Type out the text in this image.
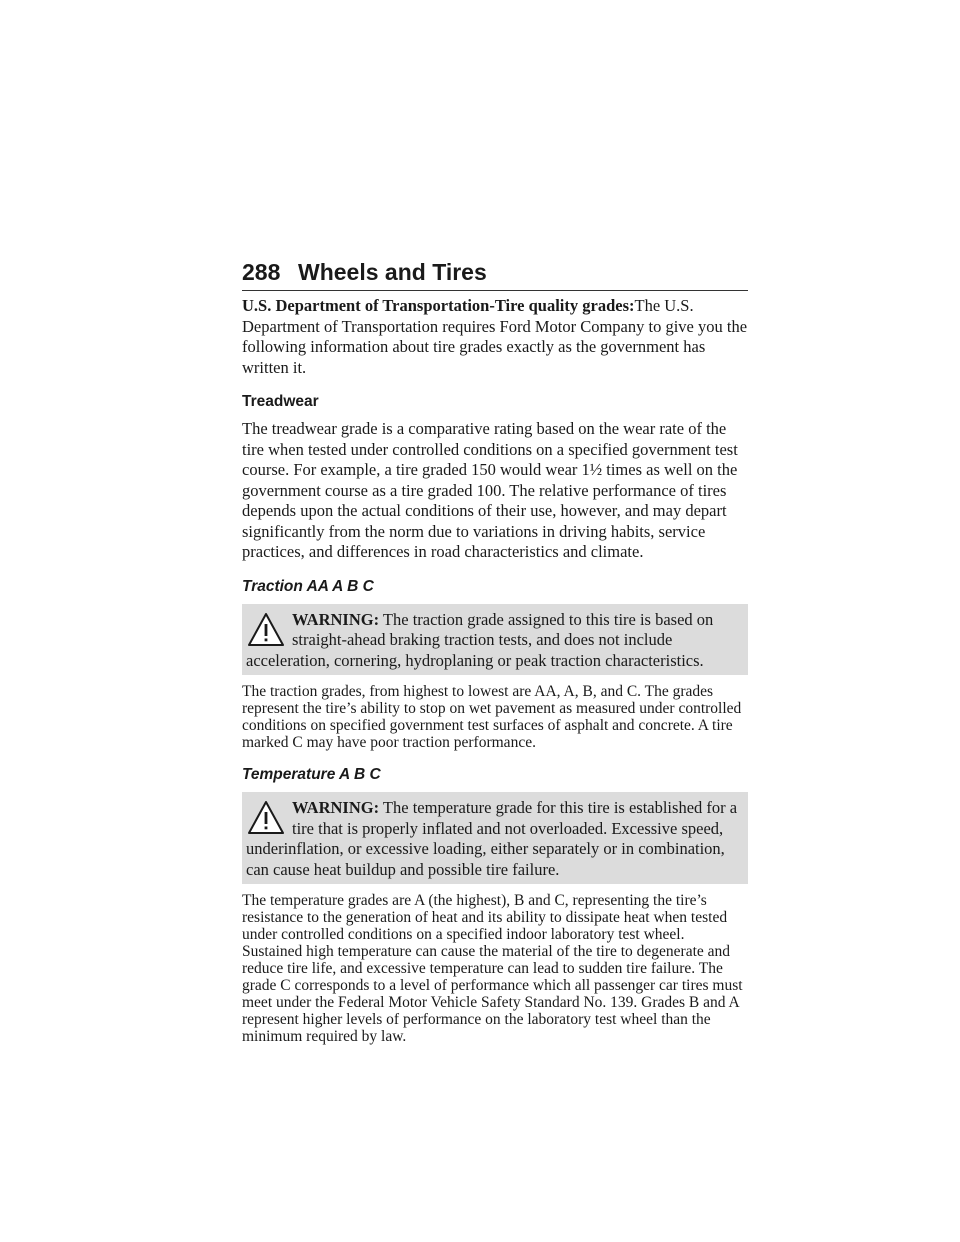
288 Wheels and Tires

U.S. Department of Transportation-Tire quality grades:The U.S. Department of Transportation requires Ford Motor Company to give you the following information about tire grades exactly as the government has written it.

Treadwear

The treadwear grade is a comparative rating based on the wear rate of the tire when tested under controlled conditions on a specified government test course. For example, a tire graded 150 would wear 1½ times as well on the government course as a tire graded 100. The relative performance of tires depends upon the actual conditions of their use, however, and may depart significantly from the norm due to variations in driving habits, service practices, and differences in road characteristics and climate.

Traction AA A B C
WARNING: The traction grade assigned to this tire is based on straight-ahead braking traction tests, and does not include acceleration, cornering, hydroplaning or peak traction characteristics.

The traction grades, from highest to lowest are AA, A, B, and C. The grades represent the tire’s ability to stop on wet pavement as measured under controlled conditions on specified government test surfaces of asphalt and concrete. A tire marked C may have poor traction performance.

Temperature A B C
WARNING: The temperature grade for this tire is established for a tire that is properly inflated and not overloaded. Excessive speed, underinflation, or excessive loading, either separately or in combination, can cause heat buildup and possible tire failure.

The temperature grades are A (the highest), B and C, representing the tire’s resistance to the generation of heat and its ability to dissipate heat when tested under controlled conditions on a specified indoor laboratory test wheel. Sustained high temperature can cause the material of the tire to degenerate and reduce tire life, and excessive temperature can lead to sudden tire failure. The grade C corresponds to a level of performance which all passenger car tires must meet under the Federal Motor Vehicle Safety Standard No. 139. Grades B and A represent higher levels of performance on the laboratory test wheel than the minimum required by law.
